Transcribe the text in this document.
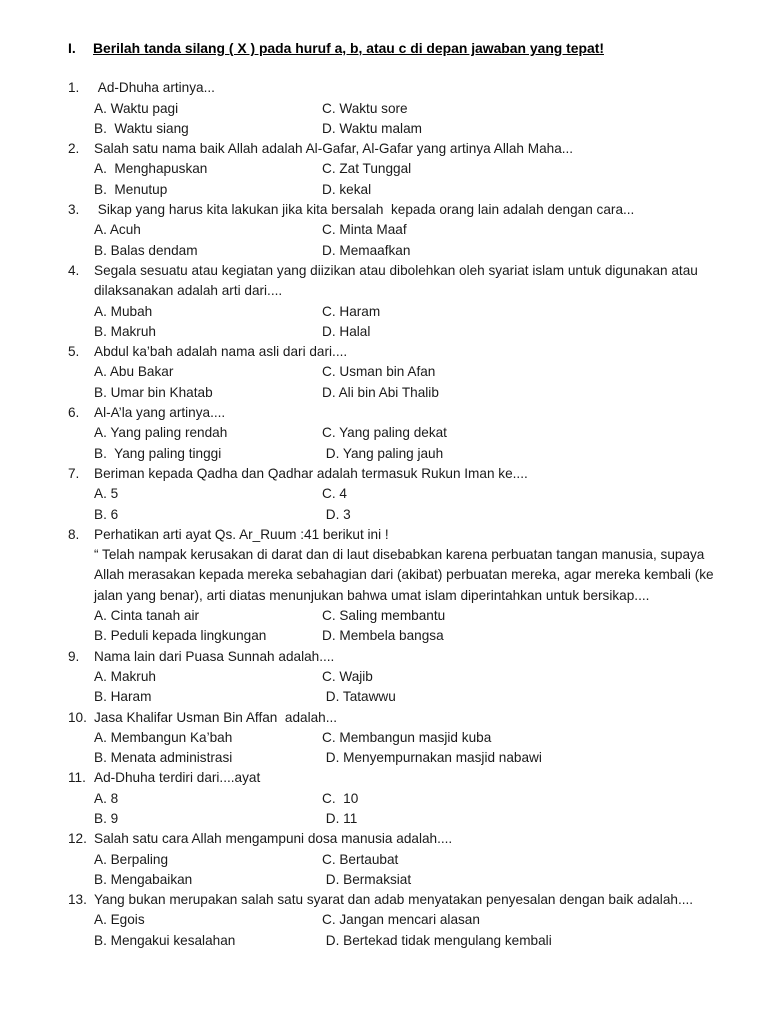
I.	Berilah tanda silang ( X ) pada huruf a, b, atau c di depan jawaban yang tepat!
1.	Ad-Dhuha artinya...
A. Waktu pagi	C. Waktu sore
B.  Waktu siang	D. Waktu malam
2.	Salah satu nama baik Allah adalah Al-Gafar, Al-Gafar yang artinya Allah Maha...
A.  Menghapuskan	C. Zat Tunggal
B.  Menutup	D. kekal
3.	Sikap yang harus kita lakukan jika kita bersalah  kepada orang lain adalah dengan cara...
A. Acuh	C. Minta Maaf
B. Balas dendam	D. Memaafkan
4.	Segala sesuatu atau kegiatan yang diizikan atau dibolehkan oleh syariat islam untuk digunakan atau dilaksanakan adalah arti dari....
A. Mubah	C. Haram
B. Makruh	D. Halal
5.	Abdul ka’bah adalah nama asli dari dari....
A. Abu Bakar	C. Usman bin Afan
B. Umar bin Khatab	D. Ali bin Abi Thalib
6.	Al-A’la yang artinya....
A. Yang paling rendah	C. Yang paling dekat
B.  Yang paling tinggi	D. Yang paling jauh
7.	Beriman kepada Qadha dan Qadhar adalah termasuk Rukun Iman ke....
A. 5	C. 4
B. 6	D. 3
8.	Perhatikan arti ayat Qs. Ar_Ruum :41 berikut ini !
“ Telah nampak kerusakan di darat dan di laut disebabkan karena perbuatan tangan manusia, supaya Allah merasakan kepada mereka sebahagian dari (akibat) perbuatan mereka, agar mereka kembali (ke jalan yang benar), arti diatas menunjukan bahwa umat islam diperintahkan untuk bersikap....
A. Cinta tanah air	C. Saling membantu
B. Peduli kepada lingkungan	D. Membela bangsa
9.	Nama lain dari Puasa Sunnah adalah....
A. Makruh	C. Wajib
B. Haram	D. Tatawwu
10. Jasa Khalifar Usman Bin Affan  adalah...
A. Membangun Ka’bah	C. Membangun masjid kuba
B. Menata administrasi	D. Menyempurnakan masjid nabawi
11. Ad-Dhuha terdiri dari....ayat
A. 8	C.  10
B. 9	D. 11
12. Salah satu cara Allah mengampuni dosa manusia adalah....
A. Berpaling	C. Bertaubat
B. Mengabaikan	D. Bermaksiat
13. Yang bukan merupakan salah satu syarat dan adab menyatakan penyesalan dengan baik adalah....
A. Egois	C. Jangan mencari alasan
B. Mengakui kesalahan	D. Bertekad tidak mengulang kembali
